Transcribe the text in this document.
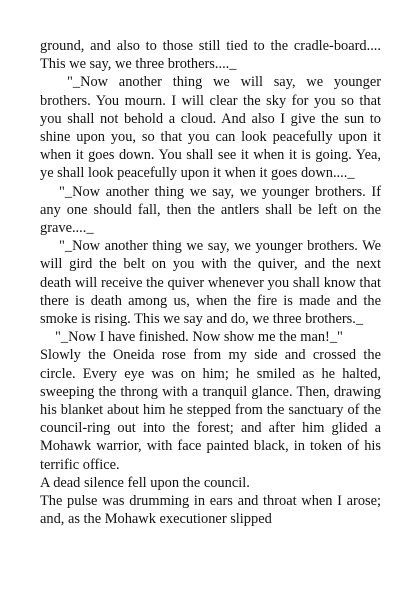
ground, and also to those still tied to the cradle-board.... This we say, we three brothers...._

"_Now another thing we will say, we younger brothers. You mourn. I will clear the sky for you so that you shall not behold a cloud. And also I give the sun to shine upon you, so that you can look peacefully upon it when it goes down. You shall see it when it is going. Yea, ye shall look peacefully upon it when it goes down...._

"_Now another thing we say, we younger brothers. If any one should fall, then the antlers shall be left on the grave...._

"_Now another thing we say, we younger brothers. We will gird the belt on you with the quiver, and the next death will receive the quiver whenever you shall know that there is death among us, when the fire is made and the smoke is rising. This we say and do, we three brothers._

"_Now I have finished. Now show me the man!_"

Slowly the Oneida rose from my side and crossed the circle. Every eye was on him; he smiled as he halted, sweeping the throng with a tranquil glance. Then, drawing his blanket about him he stepped from the sanctuary of the council-ring out into the forest; and after him glided a Mohawk warrior, with face painted black, in token of his terrific office.

A dead silence fell upon the council.

The pulse was drumming in ears and throat when I arose; and, as the Mohawk executioner slipped
